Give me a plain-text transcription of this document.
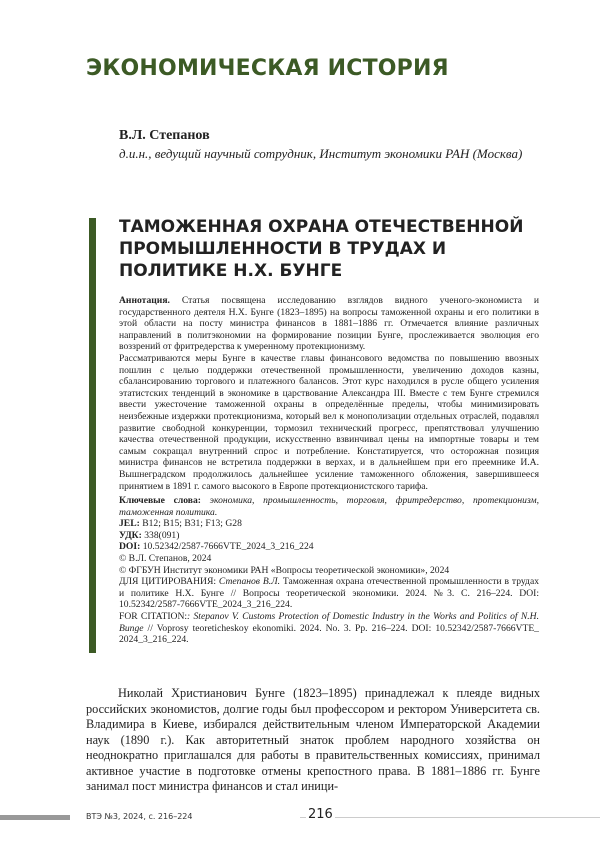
ЭКОНОМИЧЕСКАЯ ИСТОРИЯ
В.Л. Степанов
д.и.н., ведущий научный сотрудник, Институт экономики РАН (Москва)
ТАМОЖЕННАЯ ОХРАНА ОТЕЧЕСТВЕННОЙ ПРОМЫШЛЕННОСТИ В ТРУДАХ И ПОЛИТИКЕ Н.Х. БУНГЕ

Аннотация. Статья посвящена исследованию взглядов видного ученого-экономиста и государственного деятеля Н.Х. Бунге (1823–1895) на вопросы таможенной охраны и его политики в этой области на посту министра финансов в 1881–1886 гг. Отмечается влияние различных направлений в политэкономии на формирование позиции Бунге, прослеживается эволюция его воззрений от фритредерства к умеренному протекционизму.

Рассматриваются меры Бунге в качестве главы финансового ведомства по повышению ввозных пошлин с целью поддержки отечественной промышленности, увеличению доходов казны, сбалансированию торгового и платежного балансов. Этот курс находился в русле общего усиления этатистских тенденций в экономике в царствование Александра III. Вместе с тем Бунге стремился ввести ужесточение таможенной охраны в определённые пределы, чтобы минимизировать неизбежные издержки протекционизма, который вел к монополизации отдельных отраслей, подавлял развитие свободной конкуренции, тормозил технический прогресс, препятствовал улучшению качества отечественной продукции, искусственно взвинчивал цены на импортные товары и тем самым сокращал внутренний спрос и потребление. Констатируется, что осторожная позиция министра финансов не встретила поддержки в верхах, и в дальнейшем при его преемнике И.А. Вышнеградском продолжилось дальнейшее усиление таможенного обложения, завершившееся принятием в 1891 г. самого высокого в Европе протекционистского тарифа.

Ключевые слова: экономика, промышленность, торговля, фритредерство, протекционизм, таможенная политика.

JEL: B12; B15; B31; F13; G28

УДК: 338(091)

DOI: 10.52342/2587-7666VTE_2024_3_216_224

© В.Л. Степанов, 2024

© ФГБУН Институт экономики РАН «Вопросы теоретической экономики», 2024

ДЛЯ ЦИТИРОВАНИЯ: Степанов В.Л. Таможенная охрана отечественной промышленности в трудах и политике Н.Х. Бунге // Вопросы теоретической экономики. 2024. №3. С. 216–224. DOI: 10.52342/2587-7666VTE_2024_3_216_224.

FOR CITATION:: Stepanov V. Customs Protection of Domestic Industry in the Works and Politics of N.H. Bunge // Voprosy teoreticheskoy ekonomiki. 2024. No. 3. Pp. 216–224. DOI: 10.52342/2587-7666VTE_ 2024_3_216_224.

Николай Христианович Бунге (1823–1895) принадлежал к плеяде видных российских экономистов, долгие годы был профессором и ректором Университета св. Владимира в Киеве, избирался действительным членом Императорской Академии наук (1890 г.). Как авторитетный знаток проблем народного хозяйства он неоднократно приглашался для работы в правительственных комиссиях, принимал активное участие в подготовке отмены крепостного права. В 1881–1886 гг. Бунге занимал пост министра финансов и стал иници-

ВТЭ №3, 2024, с. 216–224	216
